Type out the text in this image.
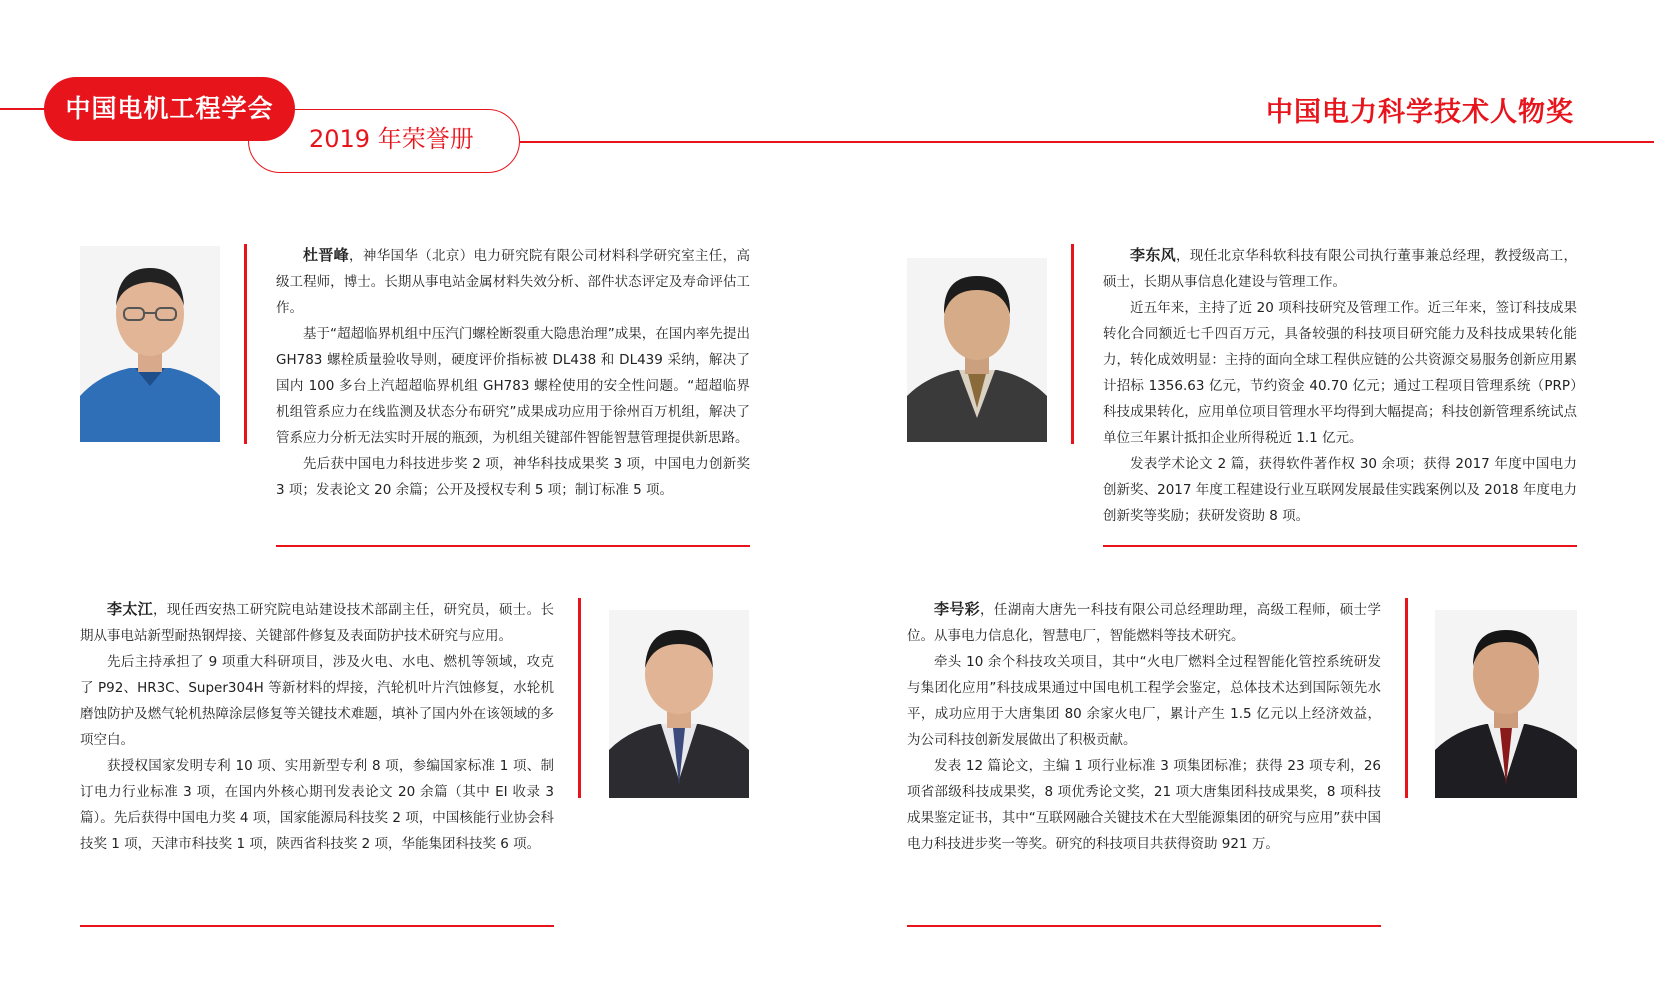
中国电机工程学会
2019 年荣誉册
中国电力科学技术人物奖

杜晋峰，神华国华（北京）电力研究院有限公司材料科学研究室主任，高级工程师，博士。长期从事电站金属材料失效分析、部件状态评定及寿命评估工作。

基于“超超临界机组中压汽门螺栓断裂重大隐患治理”成果，在国内率先提出 GH783 螺栓质量验收导则，硬度评价指标被 DL438 和 DL439 采纳，解决了国内 100 多台上汽超超临界机组 GH783 螺栓使用的安全性问题。“超超临界机组管系应力在线监测及状态分布研究”成果成功应用于徐州百万机组，解决了管系应力分析无法实时开展的瓶颈，为机组关键部件智能智慧管理提供新思路。

先后获中国电力科技进步奖 2 项，神华科技成果奖 3 项，中国电力创新奖 3 项；发表论文 20 余篇；公开及授权专利 5 项；制订标准 5 项。

李东风，现任北京华科软科技有限公司执行董事兼总经理，教授级高工，硕士，长期从事信息化建设与管理工作。

近五年来，主持了近 20 项科技研究及管理工作。近三年来，签订科技成果转化合同额近七千四百万元，具备较强的科技项目研究能力及科技成果转化能力，转化成效明显：主持的面向全球工程供应链的公共资源交易服务创新应用累计招标 1356.63 亿元，节约资金 40.70 亿元；通过工程项目管理系统（PRP）科技成果转化，应用单位项目管理水平均得到大幅提高；科技创新管理系统试点单位三年累计抵扣企业所得税近 1.1 亿元。

发表学术论文 2 篇，获得软件著作权 30 余项；获得 2017 年度中国电力创新奖、2017 年度工程建设行业互联网发展最佳实践案例以及 2018 年度电力创新奖等奖励；获研发资助 8 项。

李太江，现任西安热工研究院电站建设技术部副主任，研究员，硕士。长期从事电站新型耐热钢焊接、关键部件修复及表面防护技术研究与应用。

先后主持承担了 9 项重大科研项目，涉及火电、水电、燃机等领域，攻克了 P92、HR3C、Super304H 等新材料的焊接，汽轮机叶片汽蚀修复，水轮机磨蚀防护及燃气轮机热障涂层修复等关键技术难题，填补了国内外在该领域的多项空白。

获授权国家发明专利 10 项、实用新型专利 8 项，参编国家标准 1 项、制订电力行业标准 3 项，在国内外核心期刊发表论文 20 余篇（其中 EI 收录 3 篇）。先后获得中国电力奖 4 项，国家能源局科技奖 2 项，中国核能行业协会科技奖 1 项，天津市科技奖 1 项，陕西省科技奖 2 项，华能集团科技奖 6 项。

李号彩，任湖南大唐先一科技有限公司总经理助理，高级工程师，硕士学位。从事电力信息化，智慧电厂，智能燃料等技术研究。

牵头 10 余个科技攻关项目，其中“火电厂燃料全过程智能化管控系统研发与集团化应用”科技成果通过中国电机工程学会鉴定，总体技术达到国际领先水平，成功应用于大唐集团 80 余家火电厂，累计产生 1.5 亿元以上经济效益，为公司科技创新发展做出了积极贡献。

发表 12 篇论文，主编 1 项行业标准 3 项集团标准；获得 23 项专利，26 项省部级科技成果奖，8 项优秀论文奖，21 项大唐集团科技成果奖，8 项科技成果鉴定证书，其中“互联网融合关键技术在大型能源集团的研究与应用”获中国电力科技进步奖一等奖。研究的科技项目共获得资助 921 万。
